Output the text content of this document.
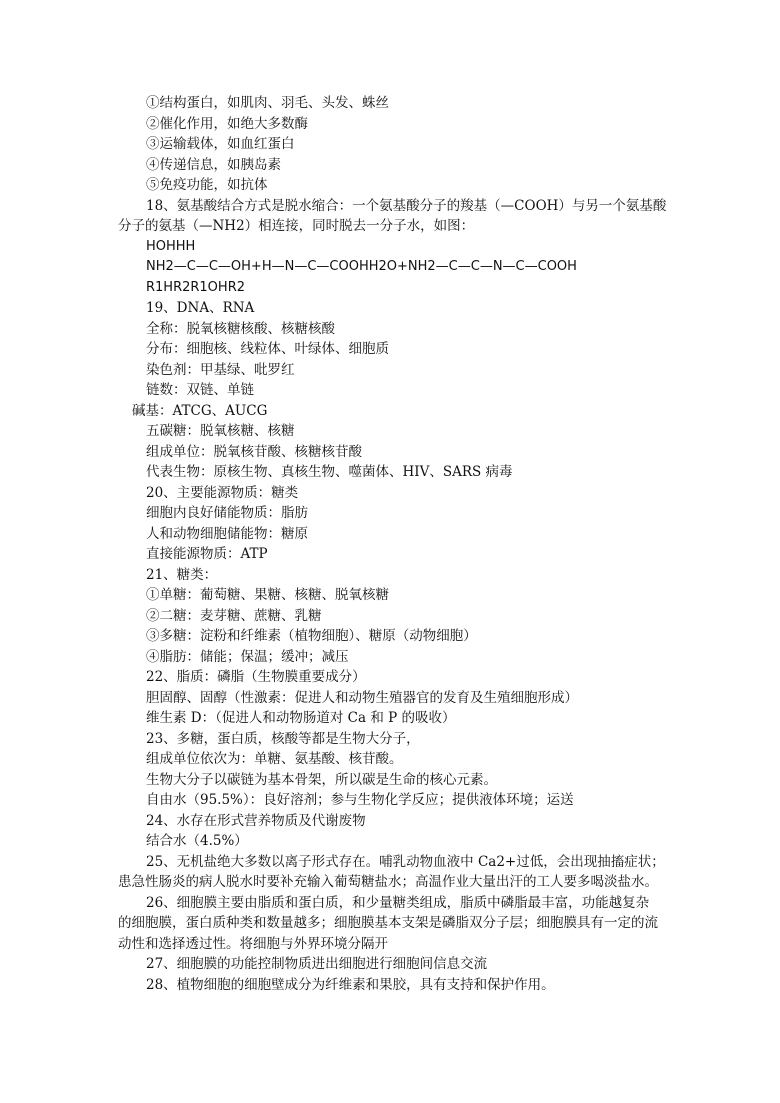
①结构蛋白，如肌肉、羽毛、头发、蛛丝
②催化作用，如绝大多数酶
③运输载体，如血红蛋白
④传递信息，如胰岛素
⑤免疫功能，如抗体
18、氨基酸结合方式是脱水缩合：一个氨基酸分子的羧基（—COOH）与另一个氨基酸
分子的氨基（—NH2）相连接，同时脱去一分子水，如图：
HOHHH
NH2—C—C—OH+H—N—C—COOHH2O+NH2—C—C—N—C—COOH
R1HR2R1OHR2
19、DNA、RNA
全称：脱氧核糖核酸、核糖核酸
分布：细胞核、线粒体、叶绿体、细胞质
染色剂：甲基绿、吡罗红
链数：双链、单链
碱基：ATCG、AUCG
五碳糖：脱氧核糖、核糖
组成单位：脱氧核苷酸、核糖核苷酸
代表生物：原核生物、真核生物、噬菌体、HIV、SARS 病毒
20、主要能源物质：糖类
细胞内良好储能物质：脂肪
人和动物细胞储能物：糖原
直接能源物质：ATP
21、糖类：
①单糖：葡萄糖、果糖、核糖、脱氧核糖
②二糖：麦芽糖、蔗糖、乳糖
③多糖：淀粉和纤维素（植物细胞）、糖原（动物细胞）
④脂肪：储能；保温；缓冲；减压
22、脂质：磷脂（生物膜重要成分）
胆固醇、固醇（性激素：促进人和动物生殖器官的发育及生殖细胞形成）
维生素 D：（促进人和动物肠道对 Ca 和 P 的吸收）
23、多糖，蛋白质，核酸等都是生物大分子，
组成单位依次为：单糖、氨基酸、核苷酸。
生物大分子以碳链为基本骨架，所以碳是生命的核心元素。
自由水（95.5%）：良好溶剂；参与生物化学反应；提供液体环境；运送
24、水存在形式营养物质及代谢废物
结合水（4.5%）
25、无机盐绝大多数以离子形式存在。哺乳动物血液中 Ca2+过低，会出现抽搐症状；
患急性肠炎的病人脱水时要补充输入葡萄糖盐水；高温作业大量出汗的工人要多喝淡盐水。
26、细胞膜主要由脂质和蛋白质，和少量糖类组成，脂质中磷脂最丰富，功能越复杂
的细胞膜，蛋白质种类和数量越多；细胞膜基本支架是磷脂双分子层；细胞膜具有一定的流
动性和选择透过性。将细胞与外界环境分隔开
27、细胞膜的功能控制物质进出细胞进行细胞间信息交流
28、植物细胞的细胞壁成分为纤维素和果胶，具有支持和保护作用。
